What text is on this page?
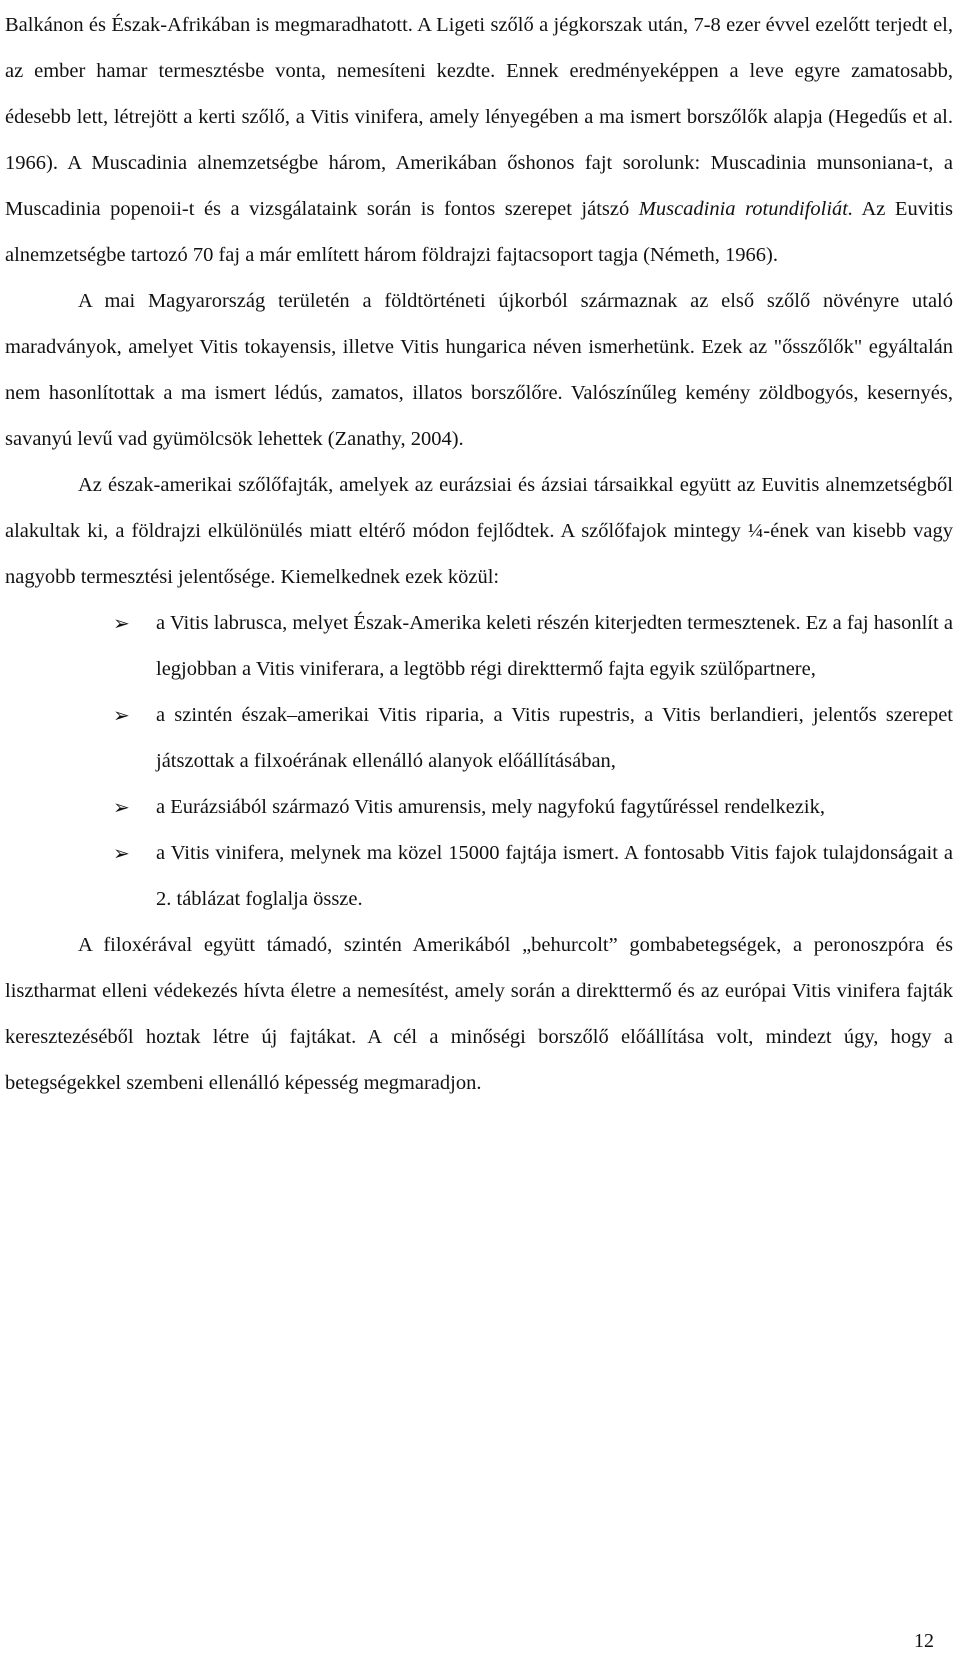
Balkánon és Észak-Afrikában is megmaradhatott. A Ligeti szőlő a jégkorszak után, 7-8 ezer évvel ezelőtt terjedt el, az ember hamar termesztésbe vonta, nemesíteni kezdte. Ennek eredményeképpen a leve egyre zamatosabb, édesebb lett, létrejött a kerti szőlő, a Vitis vinifera, amely lényegében a ma ismert borszőlők alapja (Hegedűs et al. 1966). A Muscadinia alnemzetségbe három, Amerikában őshonos fajt sorolunk: Muscadinia munsoniana-t, a Muscadinia popenoii-t és a vizsgálataink során is fontos szerepet játszó Muscadinia rotundifoliát. Az Euvitis alnemzetségbe tartozó 70 faj a már említett három földrajzi fajtacsoport tagja (Németh, 1966).

A mai Magyarország területén a földtörténeti újkorból származnak az első szőlő növényre utaló maradványok, amelyet Vitis tokayensis, illetve Vitis hungarica néven ismerhetünk. Ezek az "ősszőlők" egyáltalán nem hasonlítottak a ma ismert lédús, zamatos, illatos borszőlőre. Valószínűleg kemény zöldbogyós, kesernyés, savanyú levű vad gyümölcsök lehettek (Zanathy, 2004).

Az észak-amerikai szőlőfajták, amelyek az eurázsiai és ázsiai társaikkal együtt az Euvitis alnemzetségből alakultak ki, a földrajzi elkülönülés miatt eltérő módon fejlődtek. A szőlőfajok mintegy ¼-ének van kisebb vagy nagyobb termesztési jelentősége. Kiemelkednek ezek közül:

➢ a Vitis labrusca, melyet Észak-Amerika keleti részén kiterjedten termesztenek. Ez a faj hasonlít a legjobban a Vitis viniferara, a legtöbb régi direkttermő fajta egyik szülőpartnere,
➢ a szintén észak–amerikai Vitis riparia, a Vitis rupestris, a Vitis berlandieri, jelentős szerepet játszottak a filxoérának ellenálló alanyok előállításában,
➢ a Eurázsiából származó Vitis amurensis, mely nagyfokú fagytűréssel rendelkezik,
➢ a Vitis vinifera, melynek ma közel 15000 fajtája ismert. A fontosabb Vitis fajok tulajdonságait a 2. táblázat foglalja össze.

A filoxérával együtt támadó, szintén Amerikából „behurcolt” gombabetegségek, a peronoszpóra és lisztharmat elleni védekezés hívta életre a nemesítést, amely során a direkttermő és az európai Vitis vinifera fajták keresztezéséből hoztak létre új fajtákat. A cél a minőségi borszőlő előállítása volt, mindezt úgy, hogy a betegségekkel szembeni ellenálló képesség megmaradjon.

12
